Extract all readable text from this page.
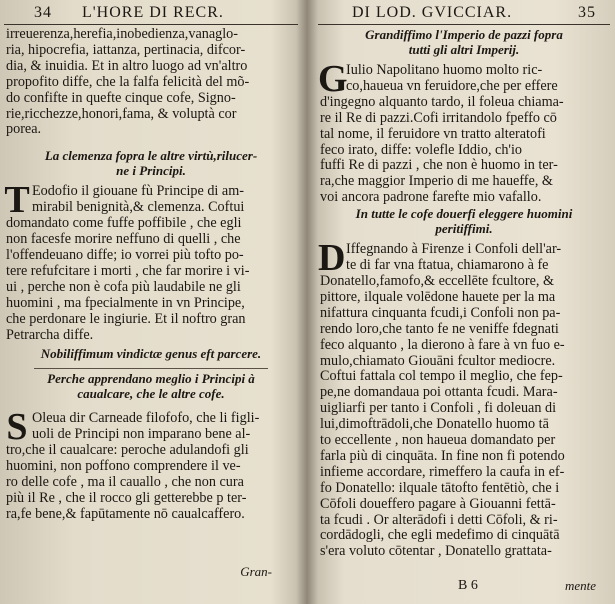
34 L'HORE DI RECR.

irreuerenza,herefia,inobedienza,vanaglo-

ria, hipocrefia, iattanza, pertinacia, difcor-

dia, & inuidia. Et in altro luogo ad vn'altro

propofito diffe, che la falfa felicità del mõ-

do confifte in quefte cinque cofe, Signo-

rie,ricchezze,honori,fama, & voluptà cor

porea.

La clemenza fopra le altre virtù,rilucer-
ne i Principi.
T Eodofio il giouane fù Principe di am-

mirabil benignità,& clemenza. Coftui

domandato come fuffe poffibile , che egli

non facesfe morire neffuno di quelli , che

l'offendeuano diffe; io vorrei più tofto po-

tere refufcitare i morti , che far morire i vi-

ui , perche non è cofa più laudabile ne gli

huomini , ma fpecialmente in vn Principe,

che perdonare le ingiurie. Et il noftro gran

Petrarcha diffe.

Nobiliffimum vindictæ genus eft parcere.
Perche apprendano meglio i Principi à
caualcare, che le altre cofe.
S Oleua dir Carneade filofofo, che li figli-

uoli de Principi non imparano bene al-

tro,che il caualcare: peroche adulandofi gli

huomini, non poffono comprendere il ve-

ro delle cofe , ma il cauallo , che non cura

più il Re , che il rocco gli getterebbe p ter-

ra,fe bene,& fapūtamente nō caualcaffero.

Gran-
DI LOD. GVICCIAR.	35
Grandiffimo l'Imperio de pazzi fopra
tutti gli altri Imperij.
G

Iulio Napolitano huomo molto ric-

co,haueua vn feruidore,che per effere

d'ingegno alquanto tardo, il foleua chiama-

re il Re di pazzi.Cofi irritandolo fpeffo cō

tal nome, il feruidore vn tratto alteratofi

feco irato, diffe: volefle Iddio, ch'io

fuffi Re di pazzi , che non è huomo in ter-

ra,che maggior Imperio di me haueffe, &

voi ancora padrone farefte mio vafallo.

In tutte le cofe douerfi eleggere huomini
peritiffimi.
D Iffegnando à Firenze i Confoli dell'ar-

te di far vna ftatua, chiamarono à fe

Donatello,famofo,& eccellēte fcultore, &

pittore, ilquale volēdone hauete per la ma

nifattura cinquanta fcudi,i Confoli non pa-

rendo loro,che tanto fe ne veniffe fdegnati

feco alquanto , la dierono à fare à vn fuo e-

mulo,chiamato Giouāni fcultor mediocre.

Coftui fattala col tempo il meglio, che fep-

pe,ne domandaua poi ottanta fcudi. Mara-

uigliarfi per tanto i Confoli , fi doleuan di

lui,dimoftrādoli,che Donatello huomo tā

to eccellente , non haueua domandato per

farla più di cinquāta. In fine non fi potendo

infieme accordare, rimeffero la caufa in ef-

fo Donatello: ilquale tātofto fentētiò, che i

Cōfoli doueffero pagare à Giouanni fettā-

ta fcudi . Or alterādofi i detti Cōfoli, & ri-

cordādogli, che egli medefimo di cinquātā

s'era voluto cōtentar , Donatello grattata-

B 6	mente
